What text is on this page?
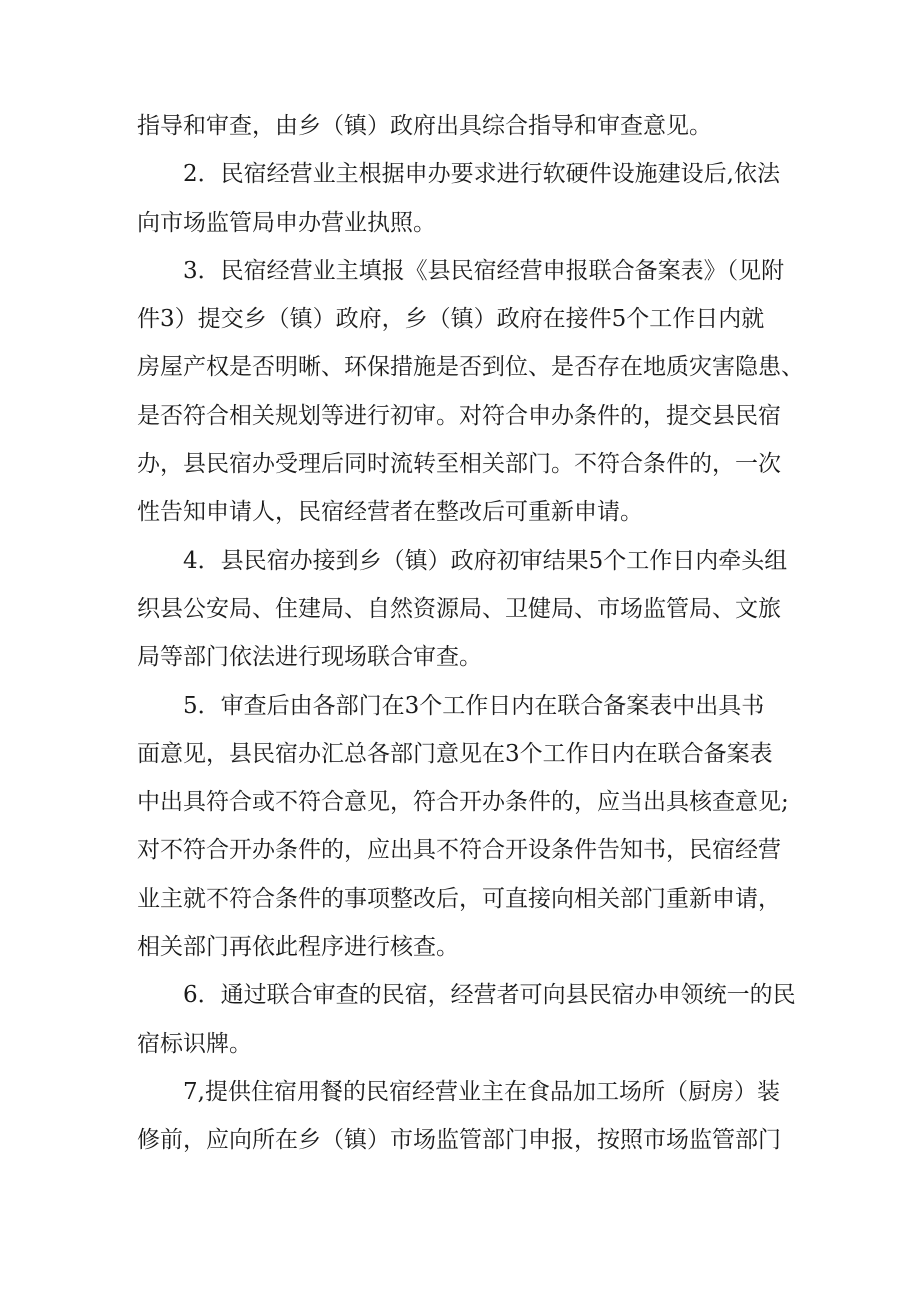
指导和审查，由乡（镇）政府出具综合指导和审查意见。
　　2．民宿经营业主根据申办要求进行软硬件设施建设后,依法
向市场监管局申办营业执照。
　　3．民宿经营业主填报《县民宿经营申报联合备案表》（见附
件3）提交乡（镇）政府，乡（镇）政府在接件5个工作日内就
房屋产权是否明晰、环保措施是否到位、是否存在地质灾害隐患、
是否符合相关规划等进行初审。对符合申办条件的，提交县民宿
办，县民宿办受理后同时流转至相关部门。不符合条件的，一次
性告知申请人，民宿经营者在整改后可重新申请。
　　4．县民宿办接到乡（镇）政府初审结果5个工作日内牵头组
织县公安局、住建局、自然资源局、卫健局、市场监管局、文旅
局等部门依法进行现场联合审查。
　　5．审查后由各部门在3个工作日内在联合备案表中出具书
面意见，县民宿办汇总各部门意见在3个工作日内在联合备案表
中出具符合或不符合意见，符合开办条件的，应当出具核查意见;
对不符合开办条件的，应出具不符合开设条件告知书，民宿经营
业主就不符合条件的事项整改后，可直接向相关部门重新申请，
相关部门再依此程序进行核查。
　　6．通过联合审查的民宿，经营者可向县民宿办申领统一的民
宿标识牌。
　　7,提供住宿用餐的民宿经营业主在食品加工场所（厨房）装
修前，应向所在乡（镇）市场监管部门申报，按照市场监管部门
